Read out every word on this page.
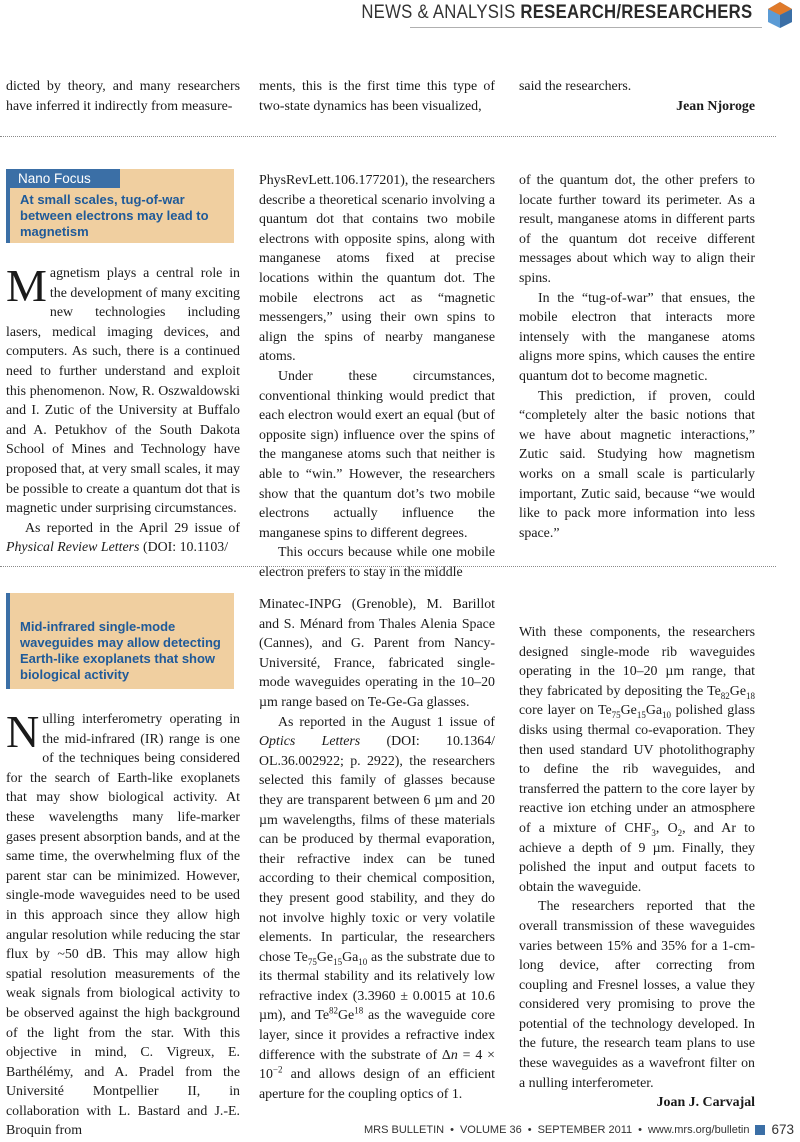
NEWS & ANALYSIS RESEARCH/RESEARCHERS

dicted by theory, and many researchers have inferred it indirectly from measure-

ments, this is the first time this type of two-state dynamics has been visualized,

said the researchers.

Jean Njoroge

Nano Focus
At small scales, tug-of-war between electrons may lead to magnetism

Magnetism plays a central role in the development of many exciting new technologies including lasers, medical imaging devices, and computers. As such, there is a continued need to further understand and exploit this phenomenon. Now, R. Oszwaldowski and I. Zutic of the University at Buffalo and A. Petukhov of the South Dakota School of Mines and Technology have proposed that, at very small scales, it may be possible to create a quantum dot that is magnetic under surprising circumstances.

As reported in the April 29 issue of Physical Review Letters (DOI: 10.1103/

PhysRevLett.106.177201), the researchers describe a theoretical scenario involving a quantum dot that contains two mobile electrons with opposite spins, along with manganese atoms fixed at precise locations within the quantum dot. The mobile electrons act as “magnetic messengers,” using their own spins to align the spins of nearby manganese atoms.

Under these circumstances, conventional thinking would predict that each electron would exert an equal (but of opposite sign) influence over the spins of the manganese atoms such that neither is able to “win.” However, the researchers show that the quantum dot’s two mobile electrons actually influence the manganese spins to different degrees.

This occurs because while one mobile electron prefers to stay in the middle

of the quantum dot, the other prefers to locate further toward its perimeter. As a result, manganese atoms in different parts of the quantum dot receive different messages about which way to align their spins.

In the “tug-of-war” that ensues, the mobile electron that interacts more intensely with the manganese atoms aligns more spins, which causes the entire quantum dot to become magnetic.

This prediction, if proven, could “completely alter the basic notions that we have about magnetic interactions,” Zutic said. Studying how magnetism works on a small scale is particularly important, Zutic said, because “we would like to pack more information into less space.”

Mid-infrared single-mode waveguides may allow detecting Earth-like exoplanets that show biological activity

Nulling interferometry operating in the mid-infrared (IR) range is one of the techniques being considered for the search of Earth-like exoplanets that may show biological activity. At these wavelengths many life-marker gases present absorption bands, and at the same time, the overwhelming flux of the parent star can be minimized. However, single-mode waveguides need to be used in this approach since they allow high angular resolution while reducing the star flux by ~50 dB. This may allow high spatial resolution measurements of the weak signals from biological activity to be observed against the high background of the light from the star. With this objective in mind, C. Vigreux, E. Barthélémy, and A. Pradel from the Université Montpellier II, in collaboration with L. Bastard and J.-E. Broquin from

Minatec-INPG (Grenoble), M. Barillot and S. Ménard from Thales Alenia Space (Cannes), and G. Parent from Nancy-Université, France, fabricated single-mode waveguides operating in the 10–20 µm range based on Te-Ge-Ga glasses.

As reported in the August 1 issue of Optics Letters (DOI: 10.1364/ OL.36.002922; p. 2922), the researchers selected this family of glasses because they are transparent between 6 µm and 20 µm wavelengths, films of these materials can be produced by thermal evaporation, their refractive index can be tuned according to their chemical composition, they present good stability, and they do not involve highly toxic or very volatile elements. In particular, the researchers chose $Te_{75}Ge_{15}Ga_{10}$ as the substrate due to its thermal stability and its relatively low refractive index (3.3960 ± 0.0015 at 10.6 µm), and Te$^{82}$Ge$^{18}$ as the waveguide core layer, since it provides a refractive index difference with the substrate of $\Delta n = 4 \times 10^{-2}$ and allows design of an efficient aperture for the coupling optics of 1.

With these components, the researchers designed single-mode rib waveguides operating in the 10–20 µm range, that they fabricated by depositing the $Te_{82}Ge_{18}$ core layer on $Te_{75}Ge_{15}Ga_{10}$ polished glass disks using thermal co-evaporation. They then used standard UV photolithography to define the rib waveguides, and transferred the pattern to the core layer by reactive ion etching under an atmosphere of a mixture of $CHF_3$, $O_2$, and Ar to achieve a depth of 9 µm. Finally, they polished the input and output facets to obtain the waveguide.

The researchers reported that the overall transmission of these waveguides varies between 15% and 35% for a 1-cm-long device, after correcting from coupling and Fresnel losses, a value they considered very promising to prove the potential of the technology developed. In the future, the research team plans to use these waveguides as a wavefront filter on a nulling interferometer.

Joan J. Carvajal

MRS BULLETIN • VOLUME 36 • SEPTEMBER 2011 • www.mrs.org/bulletin 673
